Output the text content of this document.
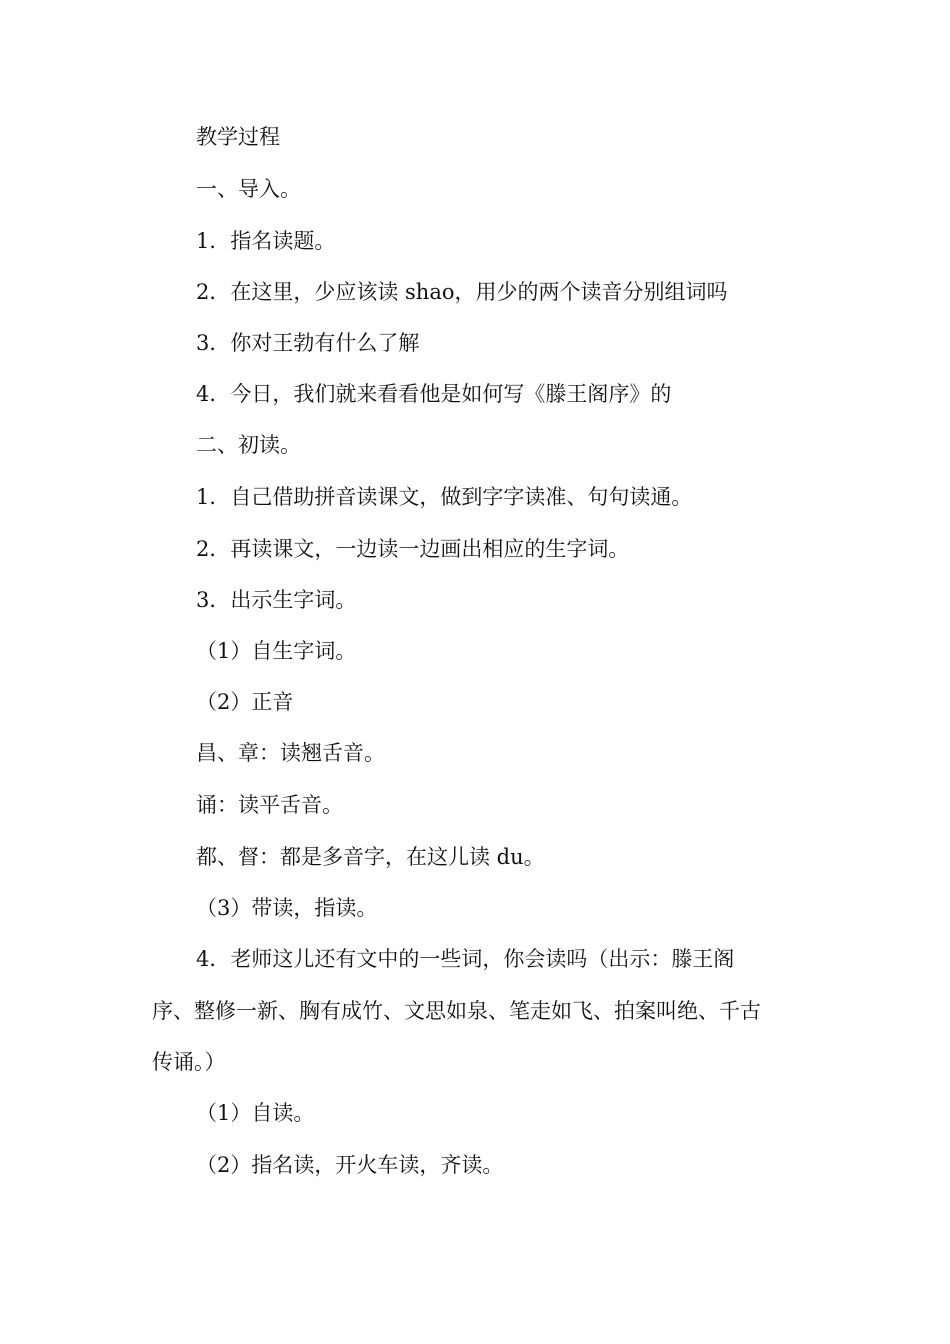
教学过程
一、导入。
1．指名读题。
2．在这里，少应该读 shao，用少的两个读音分别组词吗
3．你对王勃有什么了解
4．今日，我们就来看看他是如何写《滕王阁序》的
二、初读。
1．自己借助拼音读课文，做到字字读准、句句读通。
2．再读课文，一边读一边画出相应的生字词。
3．出示生字词。
（1）自生字词。
（2）正音
昌、章：读翘舌音。
诵：读平舌音。
都、督：都是多音字，在这儿读 du。
（3）带读，指读。
4．老师这儿还有文中的一些词，你会读吗（出示：滕王阁
序、整修一新、胸有成竹、文思如泉、笔走如飞、拍案叫绝、千古
传诵。）
（1）自读。
（2）指名读，开火车读，齐读。
